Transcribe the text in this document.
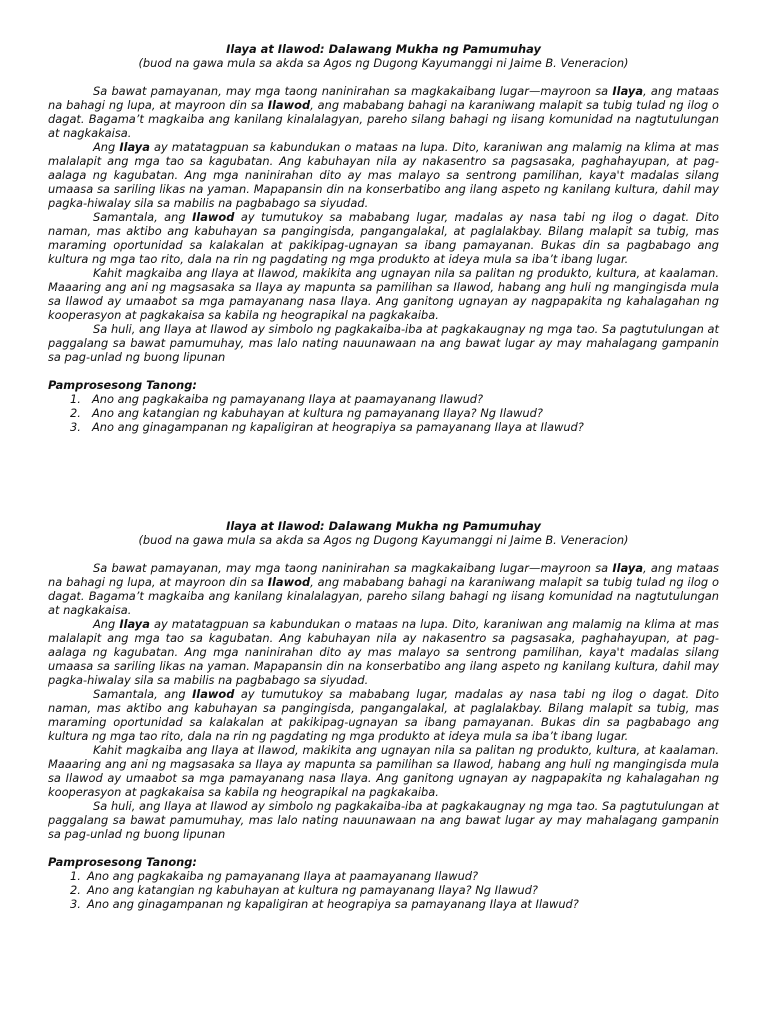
Ilaya at Ilawod: Dalawang Mukha ng Pamumuhay

(buod na gawa mula sa akda sa Agos ng Dugong Kayumanggi ni Jaime B. Veneracion)

Sa bawat pamayanan, may mga taong naninirahan sa magkakaibang lugar—mayroon sa Ilaya, ang mataas na bahagi ng lupa, at mayroon din sa Ilawod, ang mababang bahagi na karaniwang malapit sa tubig tulad ng ilog o dagat. Bagama’t magkaiba ang kanilang kinalalagyan, pareho silang bahagi ng iisang komunidad na nagtutulungan at nagkakaisa.

Ang Ilaya ay matatagpuan sa kabundukan o mataas na lupa. Dito, karaniwan ang malamig na klima at mas malalapit ang mga tao sa kagubatan. Ang kabuhayan nila ay nakasentro sa pagsasaka, paghahayupan, at pag-aalaga ng kagubatan. Ang mga naninirahan dito ay mas malayo sa sentrong pamilihan, kaya't madalas silang umaasa sa sariling likas na yaman. Mapapansin din na konserbatibo ang ilang aspeto ng kanilang kultura, dahil may pagka-hiwalay sila sa mabilis na pagbabago sa siyudad.

Samantala, ang Ilawod ay tumutukoy sa mababang lugar, madalas ay nasa tabi ng ilog o dagat. Dito naman, mas aktibo ang kabuhayan sa pangingisda, pangangalakal, at paglalakbay. Bilang malapit sa tubig, mas maraming oportunidad sa kalakalan at pakikipag-ugnayan sa ibang pamayanan. Bukas din sa pagbabago ang kultura ng mga tao rito, dala na rin ng pagdating ng mga produkto at ideya mula sa iba’t ibang lugar.

Kahit magkaiba ang Ilaya at Ilawod, makikita ang ugnayan nila sa palitan ng produkto, kultura, at kaalaman. Maaaring ang ani ng magsasaka sa Ilaya ay mapunta sa pamilihan sa Ilawod, habang ang huli ng mangingisda mula sa Ilawod ay umaabot sa mga pamayanang nasa Ilaya. Ang ganitong ugnayan ay nagpapakita ng kahalagahan ng kooperasyon at pagkakaisa sa kabila ng heograpikal na pagkakaiba.

Sa huli, ang Ilaya at Ilawod ay simbolo ng pagkakaiba-iba at pagkakaugnay ng mga tao. Sa pagtutulungan at paggalang sa bawat pamumuhay, mas lalo nating nauunawaan na ang bawat lugar ay may mahalagang gampanin sa pag-unlad ng buong lipunan

Pamprosesong Tanong:

1. Ano ang pagkakaiba ng pamayanang Ilaya at paamayanang Ilawud?
2. Ano ang katangian ng kabuhayan at kultura ng pamayanang Ilaya? Ng Ilawud?
3. Ano ang ginagampanan ng kapaligiran at heograpiya sa pamayanang Ilaya at Ilawud?

Ilaya at Ilawod: Dalawang Mukha ng Pamumuhay

(buod na gawa mula sa akda sa Agos ng Dugong Kayumanggi ni Jaime B. Veneracion)

Sa bawat pamayanan, may mga taong naninirahan sa magkakaibang lugar—mayroon sa Ilaya, ang mataas na bahagi ng lupa, at mayroon din sa Ilawod, ang mababang bahagi na karaniwang malapit sa tubig tulad ng ilog o dagat. Bagama’t magkaiba ang kanilang kinalalagyan, pareho silang bahagi ng iisang komunidad na nagtutulungan at nagkakaisa.

Ang Ilaya ay matatagpuan sa kabundukan o mataas na lupa. Dito, karaniwan ang malamig na klima at mas malalapit ang mga tao sa kagubatan. Ang kabuhayan nila ay nakasentro sa pagsasaka, paghahayupan, at pag-aalaga ng kagubatan. Ang mga naninirahan dito ay mas malayo sa sentrong pamilihan, kaya't madalas silang umaasa sa sariling likas na yaman. Mapapansin din na konserbatibo ang ilang aspeto ng kanilang kultura, dahil may pagka-hiwalay sila sa mabilis na pagbabago sa siyudad.

Samantala, ang Ilawod ay tumutukoy sa mababang lugar, madalas ay nasa tabi ng ilog o dagat. Dito naman, mas aktibo ang kabuhayan sa pangingisda, pangangalakal, at paglalakbay. Bilang malapit sa tubig, mas maraming oportunidad sa kalakalan at pakikipag-ugnayan sa ibang pamayanan. Bukas din sa pagbabago ang kultura ng mga tao rito, dala na rin ng pagdating ng mga produkto at ideya mula sa iba’t ibang lugar.

Kahit magkaiba ang Ilaya at Ilawod, makikita ang ugnayan nila sa palitan ng produkto, kultura, at kaalaman. Maaaring ang ani ng magsasaka sa Ilaya ay mapunta sa pamilihan sa Ilawod, habang ang huli ng mangingisda mula sa Ilawod ay umaabot sa mga pamayanang nasa Ilaya. Ang ganitong ugnayan ay nagpapakita ng kahalagahan ng kooperasyon at pagkakaisa sa kabila ng heograpikal na pagkakaiba.

Sa huli, ang Ilaya at Ilawod ay simbolo ng pagkakaiba-iba at pagkakaugnay ng mga tao. Sa pagtutulungan at paggalang sa bawat pamumuhay, mas lalo nating nauunawaan na ang bawat lugar ay may mahalagang gampanin sa pag-unlad ng buong lipunan

Pamprosesong Tanong:

1. Ano ang pagkakaiba ng pamayanang Ilaya at paamayanang Ilawud?
2. Ano ang katangian ng kabuhayan at kultura ng pamayanang Ilaya? Ng Ilawud?
3. Ano ang ginagampanan ng kapaligiran at heograpiya sa pamayanang Ilaya at Ilawud?
